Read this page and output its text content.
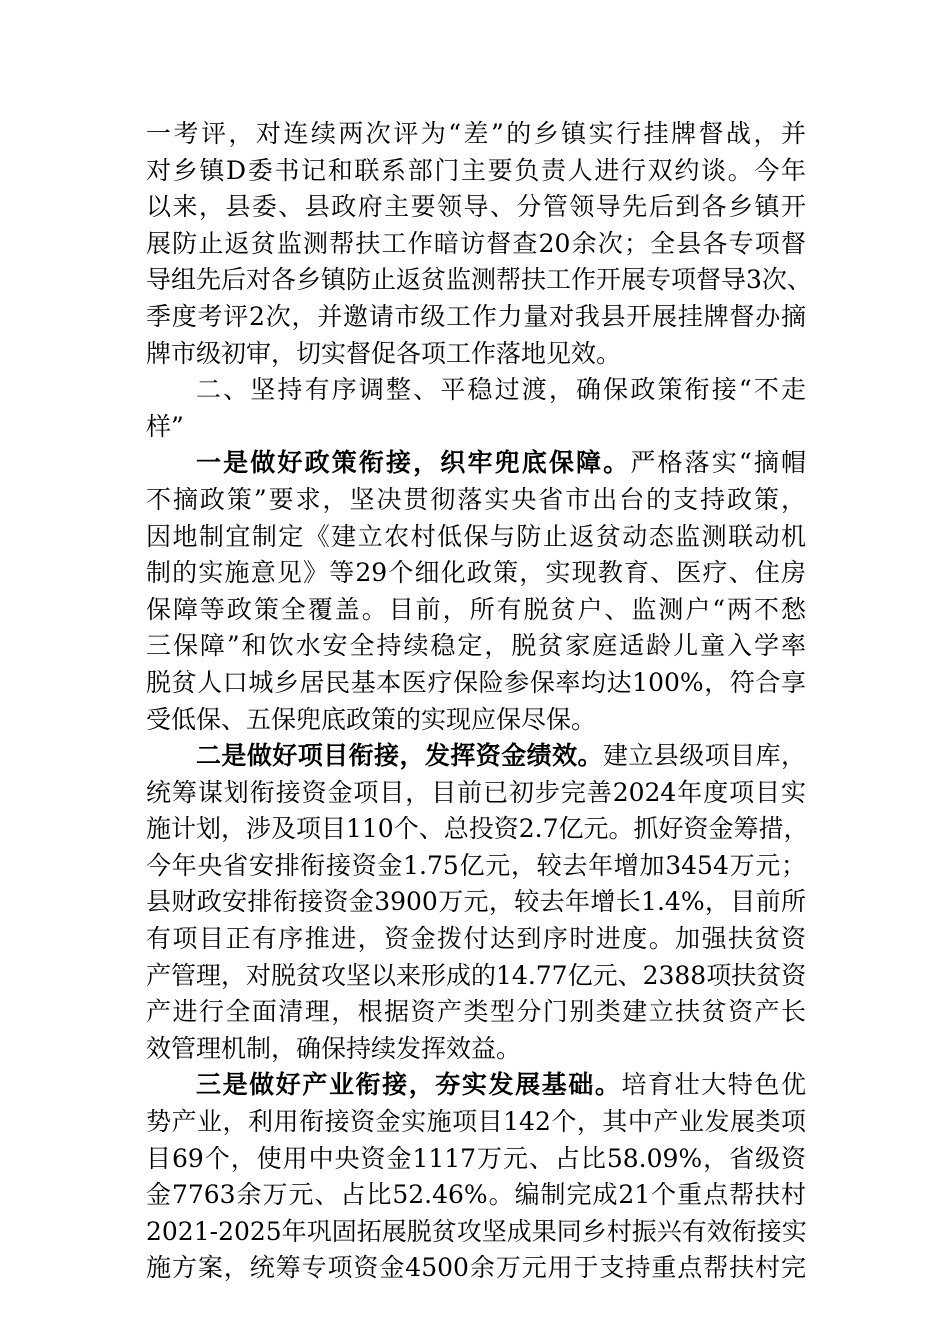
一考评，对连续两次评为“差”的乡镇实行挂牌督战，并
对乡镇D委书记和联系部门主要负责人进行双约谈。今年
以来，县委、县政府主要领导、分管领导先后到各乡镇开
展防止返贫监测帮扶工作暗访督查20余次；全县各专项督
导组先后对各乡镇防止返贫监测帮扶工作开展专项督导3次、
季度考评2次，并邀请市级工作力量对我县开展挂牌督办摘
牌市级初审，切实督促各项工作落地见效。
二、坚持有序调整、平稳过渡，确保政策衔接“不走
样”
一是做好政策衔接，织牢兜底保障。严格落实“摘帽
不摘政策”要求，坚决贯彻落实央省市出台的支持政策，
因地制宜制定《建立农村低保与防止返贫动态监测联动机
制的实施意见》等29个细化政策，实现教育、医疗、住房
保障等政策全覆盖。目前，所有脱贫户、监测户“两不愁
三保障”和饮水安全持续稳定，脱贫家庭适龄儿童入学率
脱贫人口城乡居民基本医疗保险参保率均达100%，符合享
受低保、五保兜底政策的实现应保尽保。
二是做好项目衔接，发挥资金绩效。建立县级项目库，
统筹谋划衔接资金项目，目前已初步完善2024年度项目实
施计划，涉及项目110个、总投资2.7亿元。抓好资金筹措，
今年央省安排衔接资金1.75亿元，较去年增加3454万元；
县财政安排衔接资金3900万元，较去年增长1.4%，目前所
有项目正有序推进，资金拨付达到序时进度。加强扶贫资
产管理，对脱贫攻坚以来形成的14.77亿元、2388项扶贫资
产进行全面清理，根据资产类型分门别类建立扶贫资产长
效管理机制，确保持续发挥效益。
三是做好产业衔接，夯实发展基础。培育壮大特色优
势产业，利用衔接资金实施项目142个，其中产业发展类项
目69个，使用中央资金1117万元、占比58.09%，省级资
金7763余万元、占比52.46%。编制完成21个重点帮扶村
2021-2025年巩固拓展脱贫攻坚成果同乡村振兴有效衔接实
施方案，统筹专项资金4500余万元用于支持重点帮扶村完
